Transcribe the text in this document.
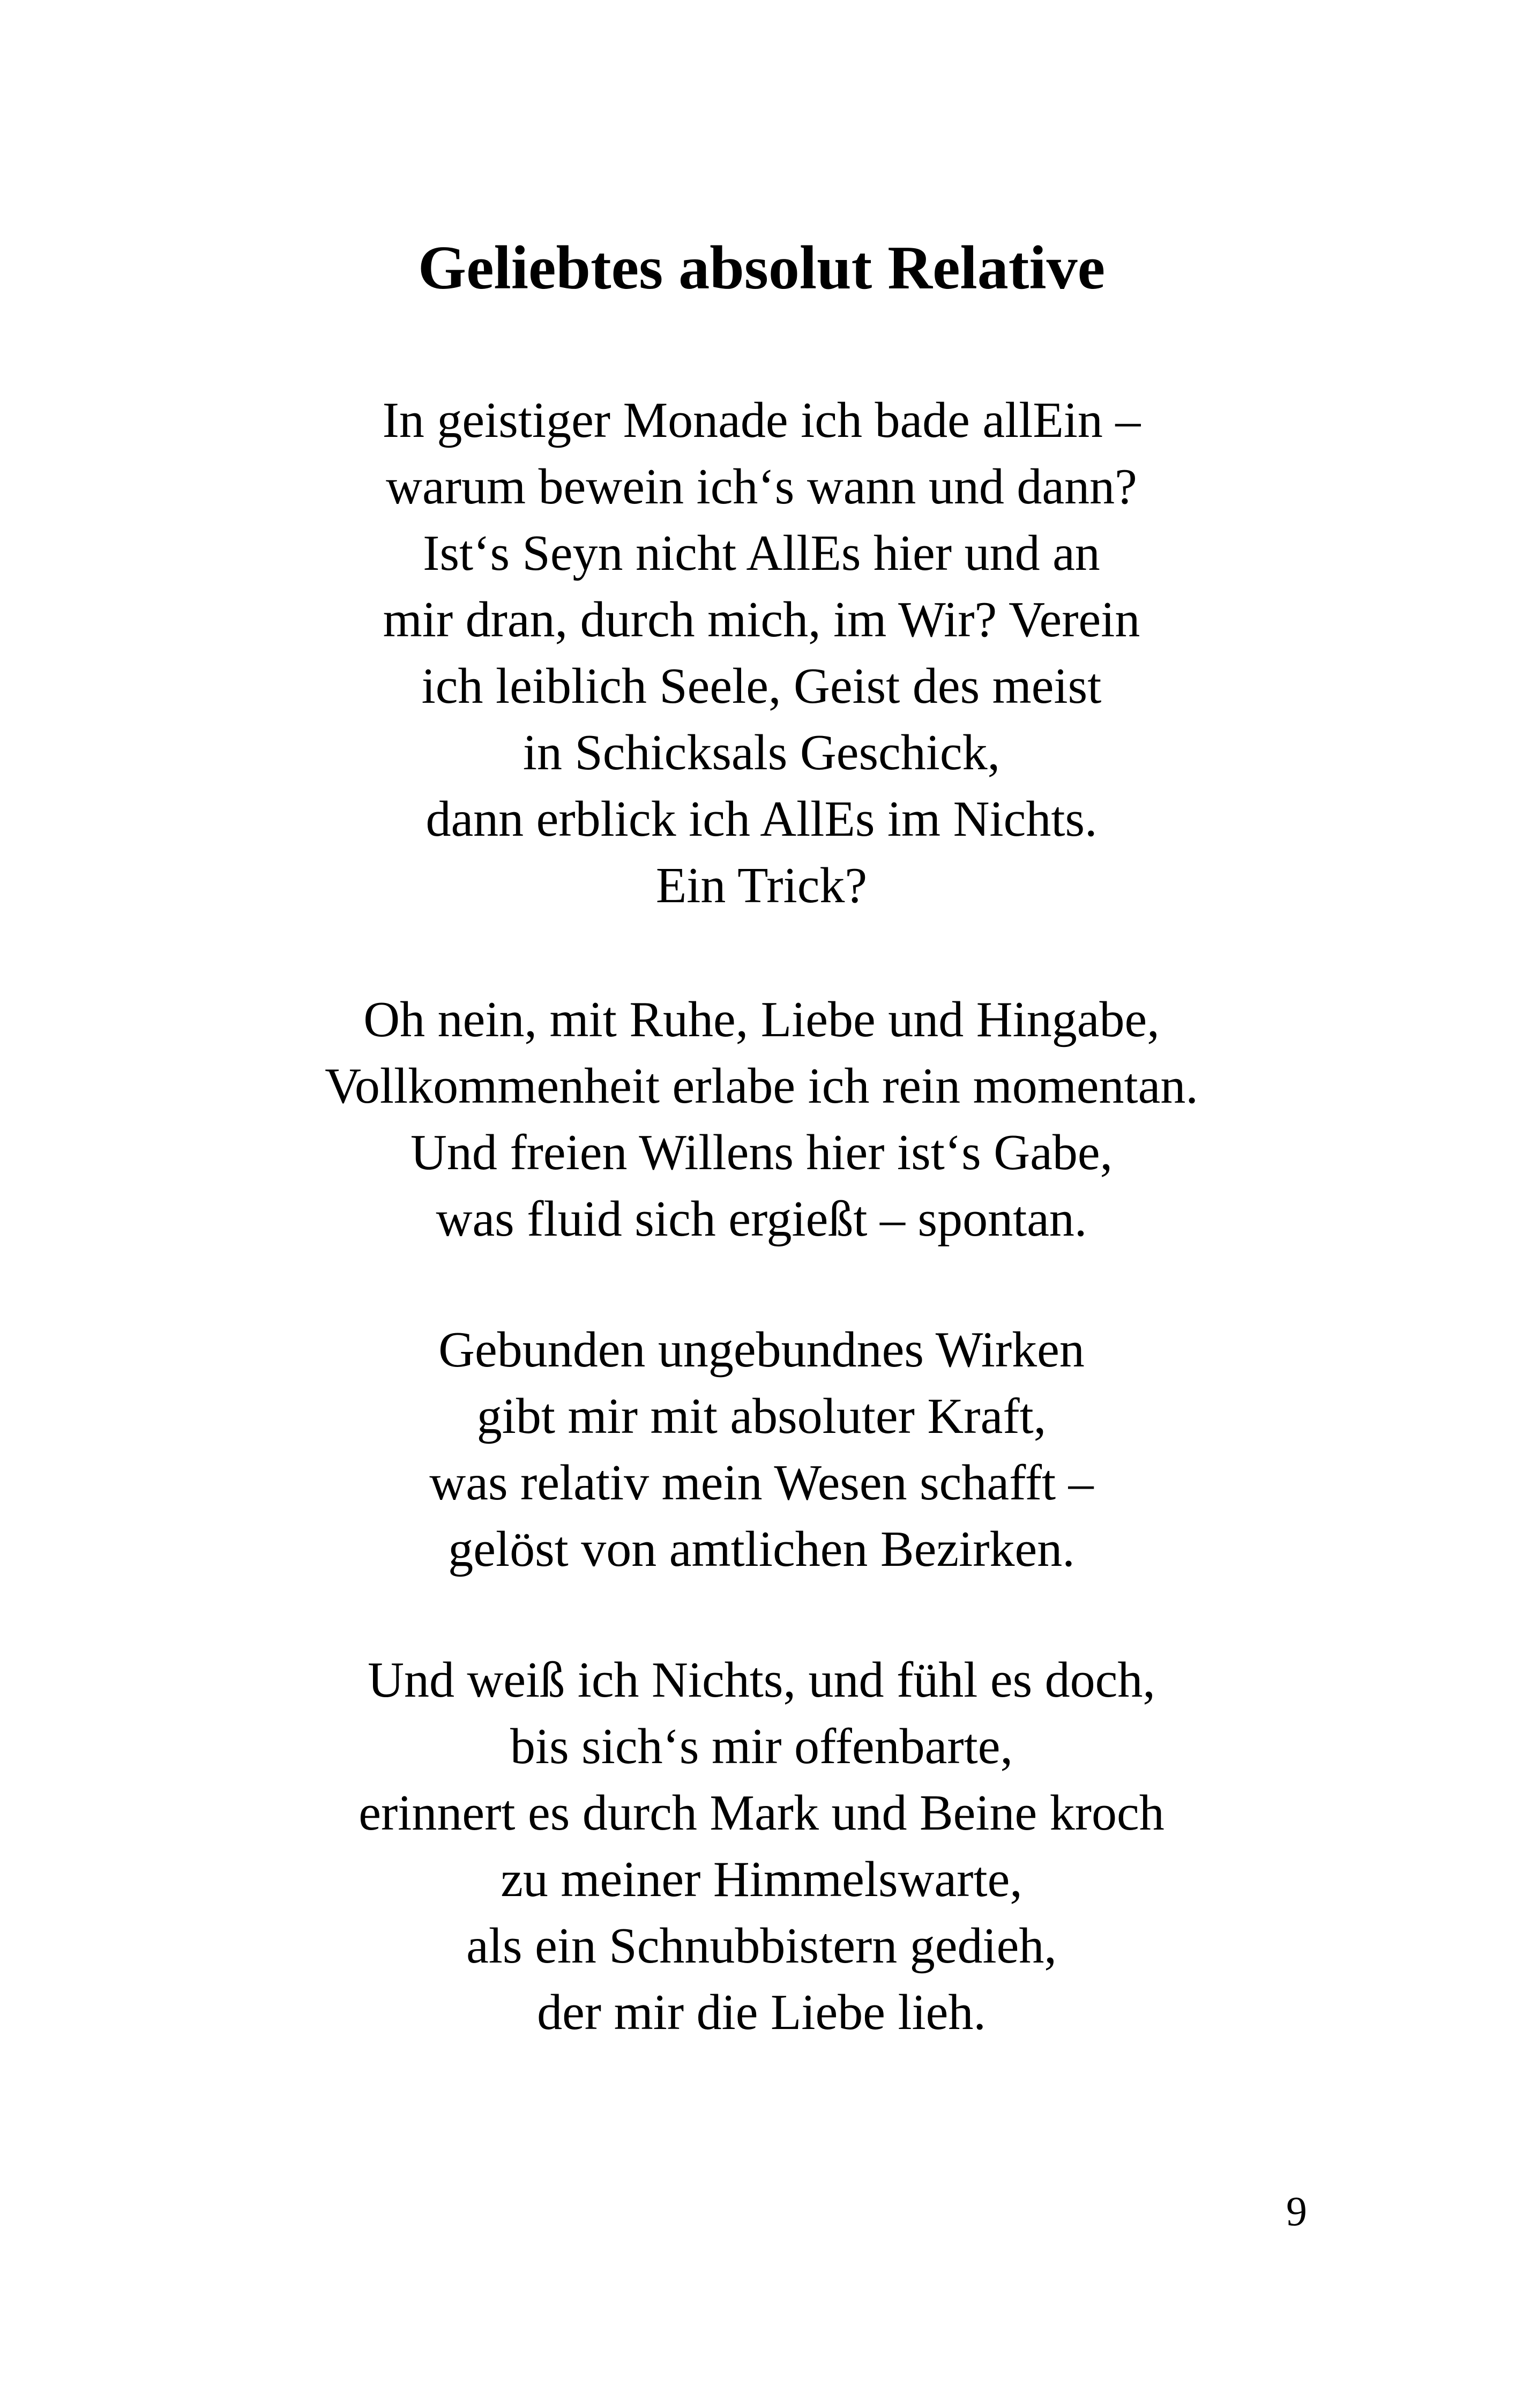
Geliebtes absolut Relative
In geistiger Monade ich bade allEin –
warum bewein ich‘s wann und dann?
Ist‘s Seyn nicht AllEs hier und an
mir dran, durch mich, im Wir? Verein
ich leiblich Seele, Geist des meist
in Schicksals Geschick,
dann erblick ich AllEs im Nichts.
Ein Trick?
Oh nein, mit Ruhe, Liebe und Hingabe,
Vollkommenheit erlabe ich rein momentan.
Und freien Willens hier ist‘s Gabe,
was fluid sich ergießt – spontan.
Gebunden ungebundnes Wirken
gibt mir mit absoluter Kraft,
was relativ mein Wesen schafft –
gelöst von amtlichen Bezirken.
Und weiß ich Nichts, und fühl es doch,
bis sich‘s mir offenbarte,
erinnert es durch Mark und Beine kroch
zu meiner Himmelswarte,
als ein Schnubbistern gedieh,
der mir die Liebe lieh.

9
